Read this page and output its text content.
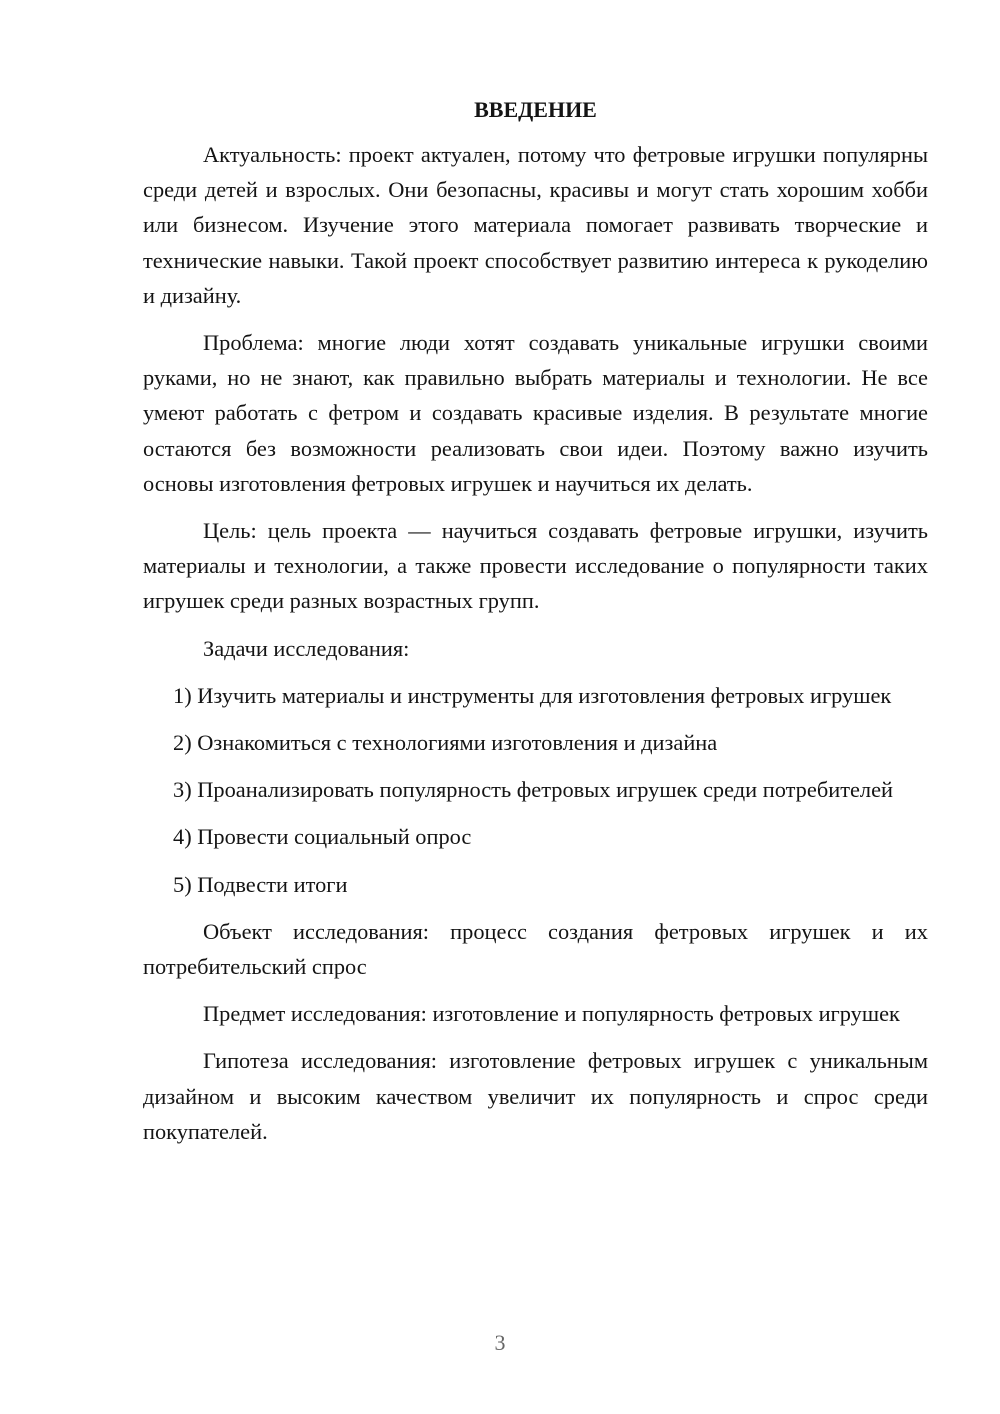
ВВЕДЕНИЕ

Актуальность: проект актуален, потому что фетровые игрушки популярны среди детей и взрослых. Они безопасны, красивы и могут стать хорошим хобби или бизнесом. Изучение этого материала помогает развивать творческие и технические навыки. Такой проект способствует развитию интереса к рукоделию и дизайну.

Проблема: многие люди хотят создавать уникальные игрушки своими руками, но не знают, как правильно выбрать материалы и технологии. Не все умеют работать с фетром и создавать красивые изделия. В результате многие остаются без возможности реализовать свои идеи. Поэтому важно изучить основы изготовления фетровых игрушек и научиться их делать.

Цель: цель проекта — научиться создавать фетровые игрушки, изучить материалы и технологии, а также провести исследование о популярности таких игрушек среди разных возрастных групп.

Задачи исследования:

1) Изучить материалы и инструменты для изготовления фетровых игрушек

2) Ознакомиться с технологиями изготовления и дизайна

3) Проанализировать популярность фетровых игрушек среди потребителей

4) Провести социальный опрос

5) Подвести итоги

Объект исследования: процесс создания фетровых игрушек и их потребительский спрос

Предмет исследования: изготовление и популярность фетровых игрушек

Гипотеза исследования: изготовление фетровых игрушек с уникальным дизайном и высоким качеством увеличит их популярность и спрос среди покупателей.

3
